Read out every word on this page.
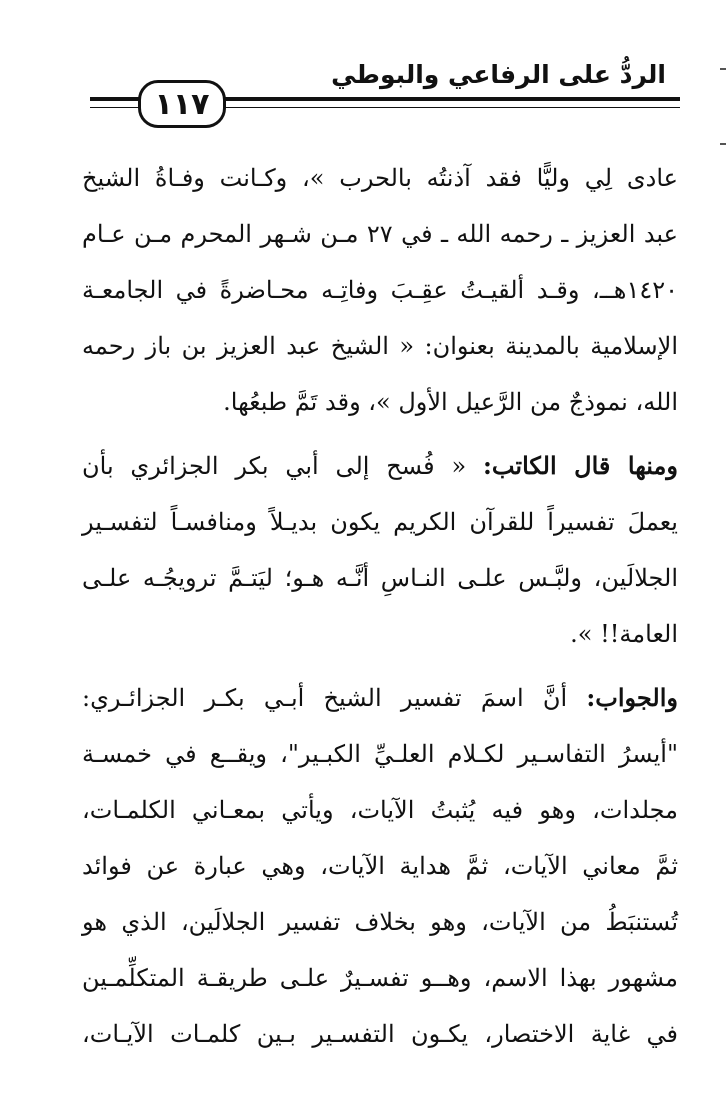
الردُّ على الرفاعي والبوطي
١١٧
عادى لِي وليًّا فقد آذنتُه بالحرب »، وكـانت وفـاةُ الشيخ
عبد العزيز ـ رحمه الله ـ في ٢٧ مـن شـهر المحرم مـن عـام
١٤٢٠هــ، وقـد ألقيـتُ عقِـبَ وفاتِـه محـاضرةً في الجامعـة
الإسلامية بالمدينة بعنوان: « الشيخ عبد العزيز بن باز رحمه
الله، نموذجٌ من الرَّعيل الأول »، وقد تَمَّ طبعُها.
ومنها قال الكاتب: « فُسح إلى أبي بكر الجزائري بأن
يعملَ تفسيراً للقرآن الكريم يكون بديـلاً ومنافسـاً لتفسـير
الجلالَين، ولبَّـس علـى النـاسِ أنَّـه هـو؛ ليَتـمَّ ترويجُـه علـى
العامة!! ».
والجواب: أنَّ اسمَ تفسير الشيخ أبـي بكـر الجزائـري:
"أيسرُ التفاسـير لكـلام العلـيِّ الكبـير"، ويقــع في خمسـة
مجلدات، وهو فيه يُثبتُ الآيات، ويأتي بمعـاني الكلمـات،
ثمَّ معاني الآيات، ثمَّ هداية الآيات، وهي عبارة عن فوائد
تُستنبَطُ من الآيات، وهو بخلاف تفسير الجلالَين، الذي هو
مشهور بهذا الاسم، وهــو تفسـيرٌ علـى طريقـة المتكلِّمـين
في غاية الاختصار، يكـون التفسـير بـين كلمـات الآيـات،
